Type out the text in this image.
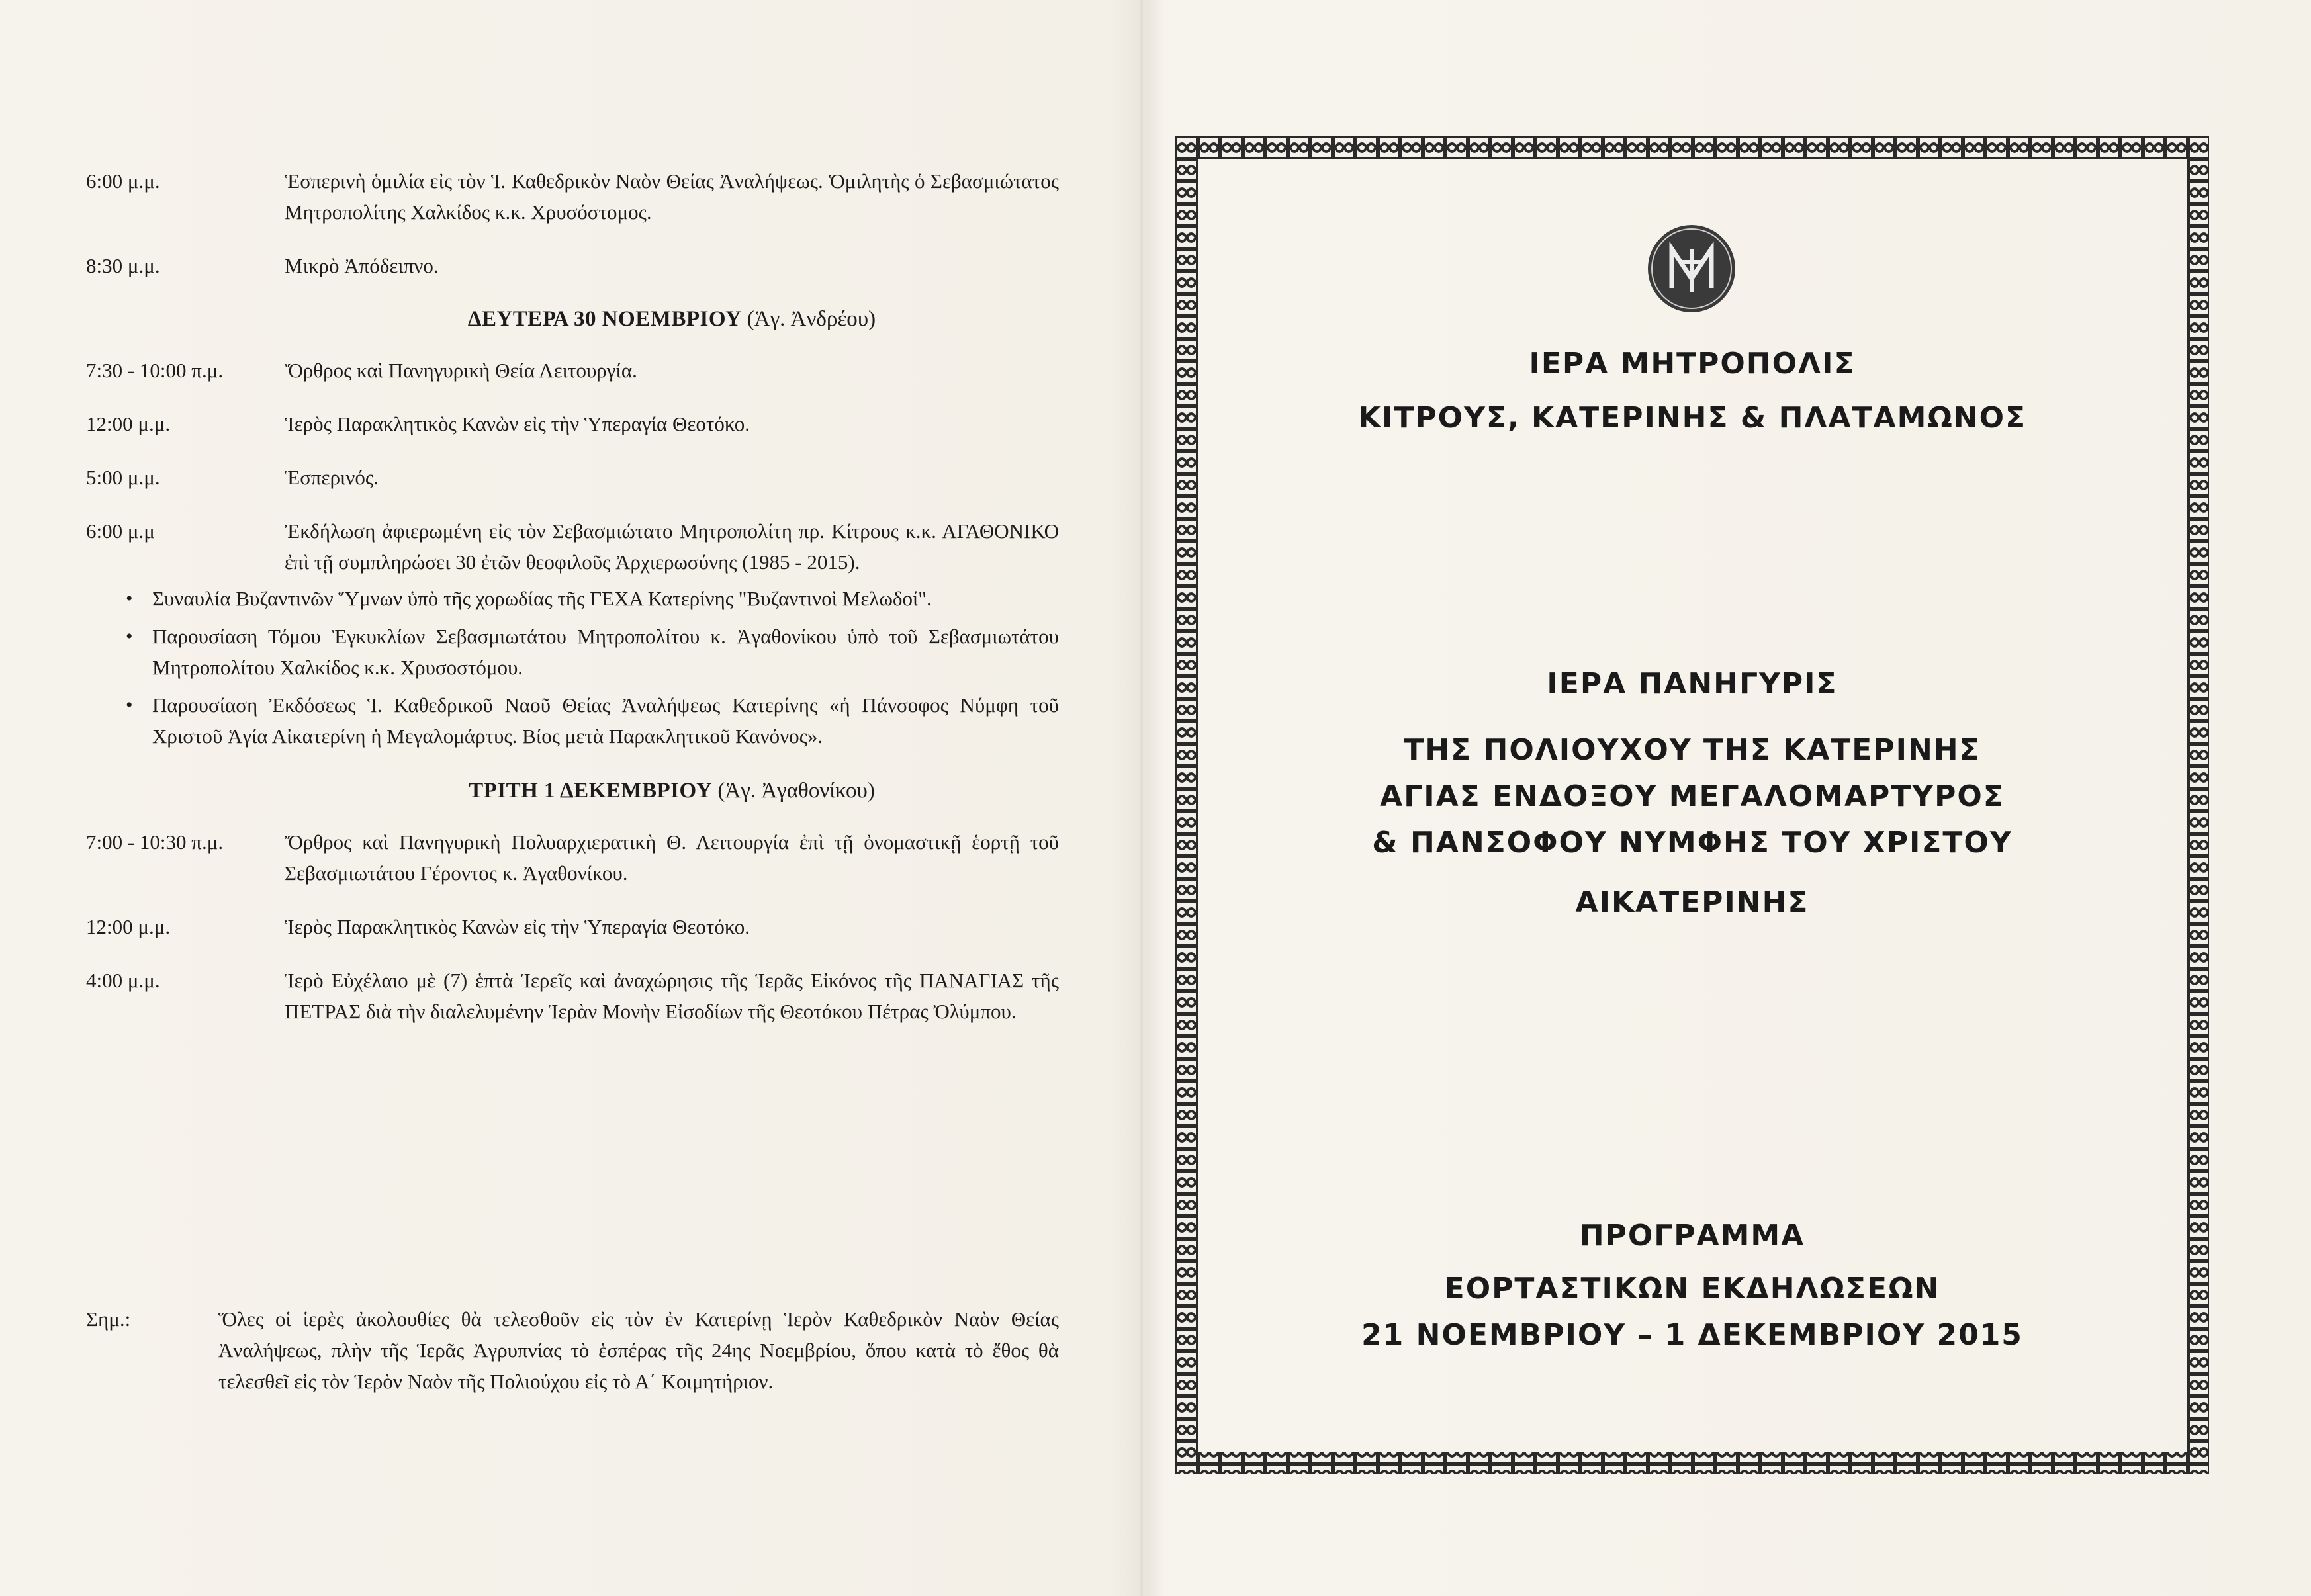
6:00 μ.μ.	Ἑσπερινὴ ὁμιλία εἰς τὸν Ἱ. Καθεδρικὸν Ναὸν Θείας Ἀναλήψεως. Ὁμιλητὴς ὁ Σεβασμιώτατος Μητροπολίτης Χαλκίδος κ.κ. Χρυσόστομος.
8:30 μ.μ.	Μικρὸ Ἀπόδειπνο.
ΔΕΥΤΕΡΑ 30 ΝΟΕΜΒΡΙΟΥ (Ἁγ. Ἀνδρέου)
7:30 - 10:00 π.μ.	Ὄρθρος καὶ Πανηγυρικὴ Θεία Λειτουργία.
12:00 μ.μ.	Ἱερὸς Παρακλητικὸς Κανὼν εἰς τὴν Ὑπεραγία Θεοτόκο.
5:00 μ.μ.	Ἑσπερινός.
6:00 μ.μ	Ἐκδήλωση ἀφιερωμένη εἰς τὸν Σεβασμιώτατο Μητροπολίτη πρ. Κίτρους κ.κ. ΑΓΑΘΟΝΙΚΟ ἐπὶ τῇ συμπληρώσει 30 ἐτῶν θεοφιλοῦς Ἀρχιερωσύνης (1985 - 2015).
• Συναυλία Βυζαντινῶν Ὕμνων ὑπὸ τῆς χορωδίας τῆς ΓΕΧΑ Κατερίνης "Βυζαντινοὶ Μελωδοί".
• Παρουσίαση Τόμου Ἐγκυκλίων Σεβασμιωτάτου Μητροπολίτου κ. Ἀγαθονίκου ὑπὸ τοῦ Σεβασμιωτάτου Μητροπολίτου Χαλκίδος κ.κ. Χρυσοστόμου.
• Παρουσίαση Ἐκδόσεως Ἱ. Καθεδρικοῦ Ναοῦ Θείας Ἀναλήψεως Κατερίνης «ἡ Πάνσοφος Νύμφη τοῦ Χριστοῦ Ἁγία Αἰκατερίνη ἡ Μεγαλομάρτυς. Βίος μετὰ Παρακλητικοῦ Κανόνος».
ΤΡΙΤΗ 1 ΔΕΚΕΜΒΡΙΟΥ (Ἁγ. Ἀγαθονίκου)
7:00 - 10:30 π.μ.	Ὄρθρος καὶ Πανηγυρικὴ Πολυαρχιερατικὴ Θ. Λειτουργία ἐπὶ τῇ ὀνομαστικῇ ἑορτῇ τοῦ Σεβασμιωτάτου Γέροντος κ. Ἀγαθονίκου.
12:00 μ.μ.	Ἱερὸς Παρακλητικὸς Κανὼν εἰς τὴν Ὑπεραγία Θεοτόκο.
4:00 μ.μ.	Ἱερὸ Εὐχέλαιο μὲ (7) ἑπτὰ Ἱερεῖς καὶ ἀναχώρησις τῆς Ἱερᾶς Εἰκόνος τῆς ΠΑΝΑΓΙΑΣ τῆς ΠΕΤΡΑΣ διὰ τὴν διαλελυμένην Ἱερὰν Μονὴν Εἰσοδίων τῆς Θεοτόκου Πέτρας Ὀλύμπου.
Σημ.:	Ὅλες οἱ ἱερὲς ἀκολουθίες θὰ τελεσθοῦν εἰς τὸν ἐν Κατερίνῃ Ἱερὸν Καθεδρικὸν Ναὸν Θείας Ἀναλήψεως, πλὴν τῆς Ἱερᾶς Ἀγρυπνίας τὸ ἑσπέρας τῆς 24ης Νοεμβρίου, ὅπου κατὰ τὸ ἔθος θὰ τελεσθεῖ εἰς τὸν Ἱερὸν Ναὸν τῆς Πολιούχου εἰς τὸ Α΄ Κοιμητήριον.
ΙΕΡΑ ΜΗΤΡΟΠΟΛΙΣ
ΚΙΤΡΟΥΣ, ΚΑΤΕΡΙΝΗΣ & ΠΛΑΤΑΜΩΝΟΣ
ΙΕΡΑ ΠΑΝΗΓΥΡΙΣ
ΤΗΣ ΠΟΛΙΟΥΧΟΥ ΤΗΣ ΚΑΤΕΡΙΝΗΣ
ΑΓΙΑΣ ΕΝΔΟΞΟΥ ΜΕΓΑΛΟΜΑΡΤΥΡΟΣ
& ΠΑΝΣΟΦΟΥ ΝΥΜΦΗΣ ΤΟΥ ΧΡΙΣΤΟΥ
ΑΙΚΑΤΕΡΙΝΗΣ
ΠΡΟΓΡΑΜΜΑ
ΕΟΡΤΑΣΤΙΚΩΝ ΕΚΔΗΛΩΣΕΩΝ
21 ΝΟΕΜΒΡΙΟΥ – 1 ΔΕΚΕΜΒΡΙΟΥ 2015
